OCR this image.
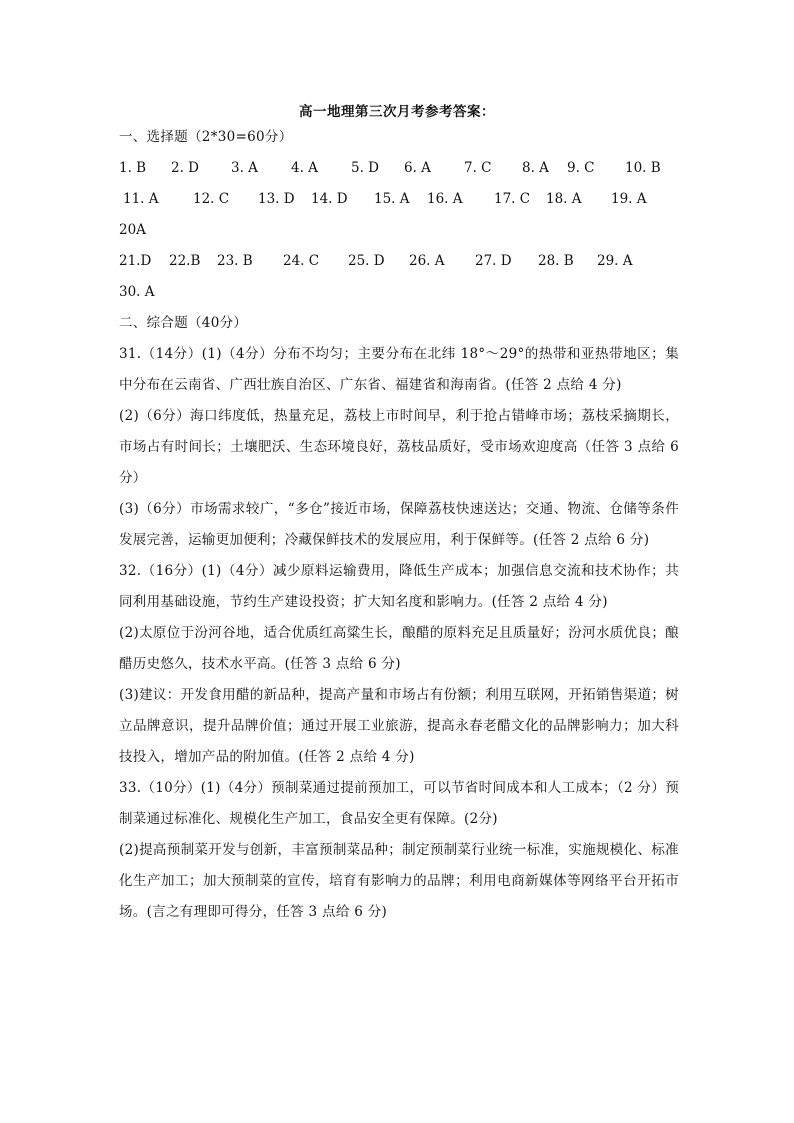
高一地理第三次月考参考答案：
一、选择题（2*30=60分）
1. B	2. D	3. A	4. A	5. D	6. A	7. C	8. A	9. C	10. B
11. A	12. C	13. D	14. D	15. A	16. A	17. C	18. A	19. A
20A
21.D	22.B	23. B	24. C	25. D	26. A	27. D	28. B	29. A
30. A
二、综合题（40分）
31.（14分）(1)（4分）分布不均匀；主要分布在北纬 18°～29°的热带和亚热带地区；集中分布在云南省、广西壮族自治区、广东省、福建省和海南省。(任答 2 点给 4 分)
(2)（6分）海口纬度低，热量充足，荔枝上市时间早，利于抢占错峰市场；荔枝采摘期长，市场占有时间长；土壤肥沃、生态环境良好，荔枝品质好，受市场欢迎度高（任答 3 点给 6分）
(3)（6分）市场需求较广，“多仓”接近市场，保障荔枝快速送达；交通、物流、仓储等条件发展完善，运输更加便利；冷藏保鲜技术的发展应用，利于保鲜等。(任答 2 点给 6 分)
32.（16分）(1)（4分）减少原料运输费用，降低生产成本；加强信息交流和技术协作；共同利用基础设施，节约生产建设投资；扩大知名度和影响力。(任答 2 点给 4 分)
(2)太原位于汾河谷地，适合优质红高粱生长，酿醋的原料充足且质量好；汾河水质优良；酿醋历史悠久，技术水平高。(任答 3 点给 6 分)
(3)建议：开发食用醋的新品种，提高产量和市场占有份额；利用互联网，开拓销售渠道；树立品牌意识，提升品牌价值；通过开展工业旅游，提高永春老醋文化的品牌影响力；加大科技投入，增加产品的附加值。(任答 2 点给 4 分)
33.（10分）(1)（4分）预制菜通过提前预加工，可以节省时间成本和人工成本；（2 分）预制菜通过标准化、规模化生产加工，食品安全更有保障。(2分)
(2)提高预制菜开发与创新，丰富预制菜品种；制定预制菜行业统一标准，实施规模化、标准化生产加工；加大预制菜的宣传，培育有影响力的品牌；利用电商新媒体等网络平台开拓市场。(言之有理即可得分，任答 3 点给 6 分)
